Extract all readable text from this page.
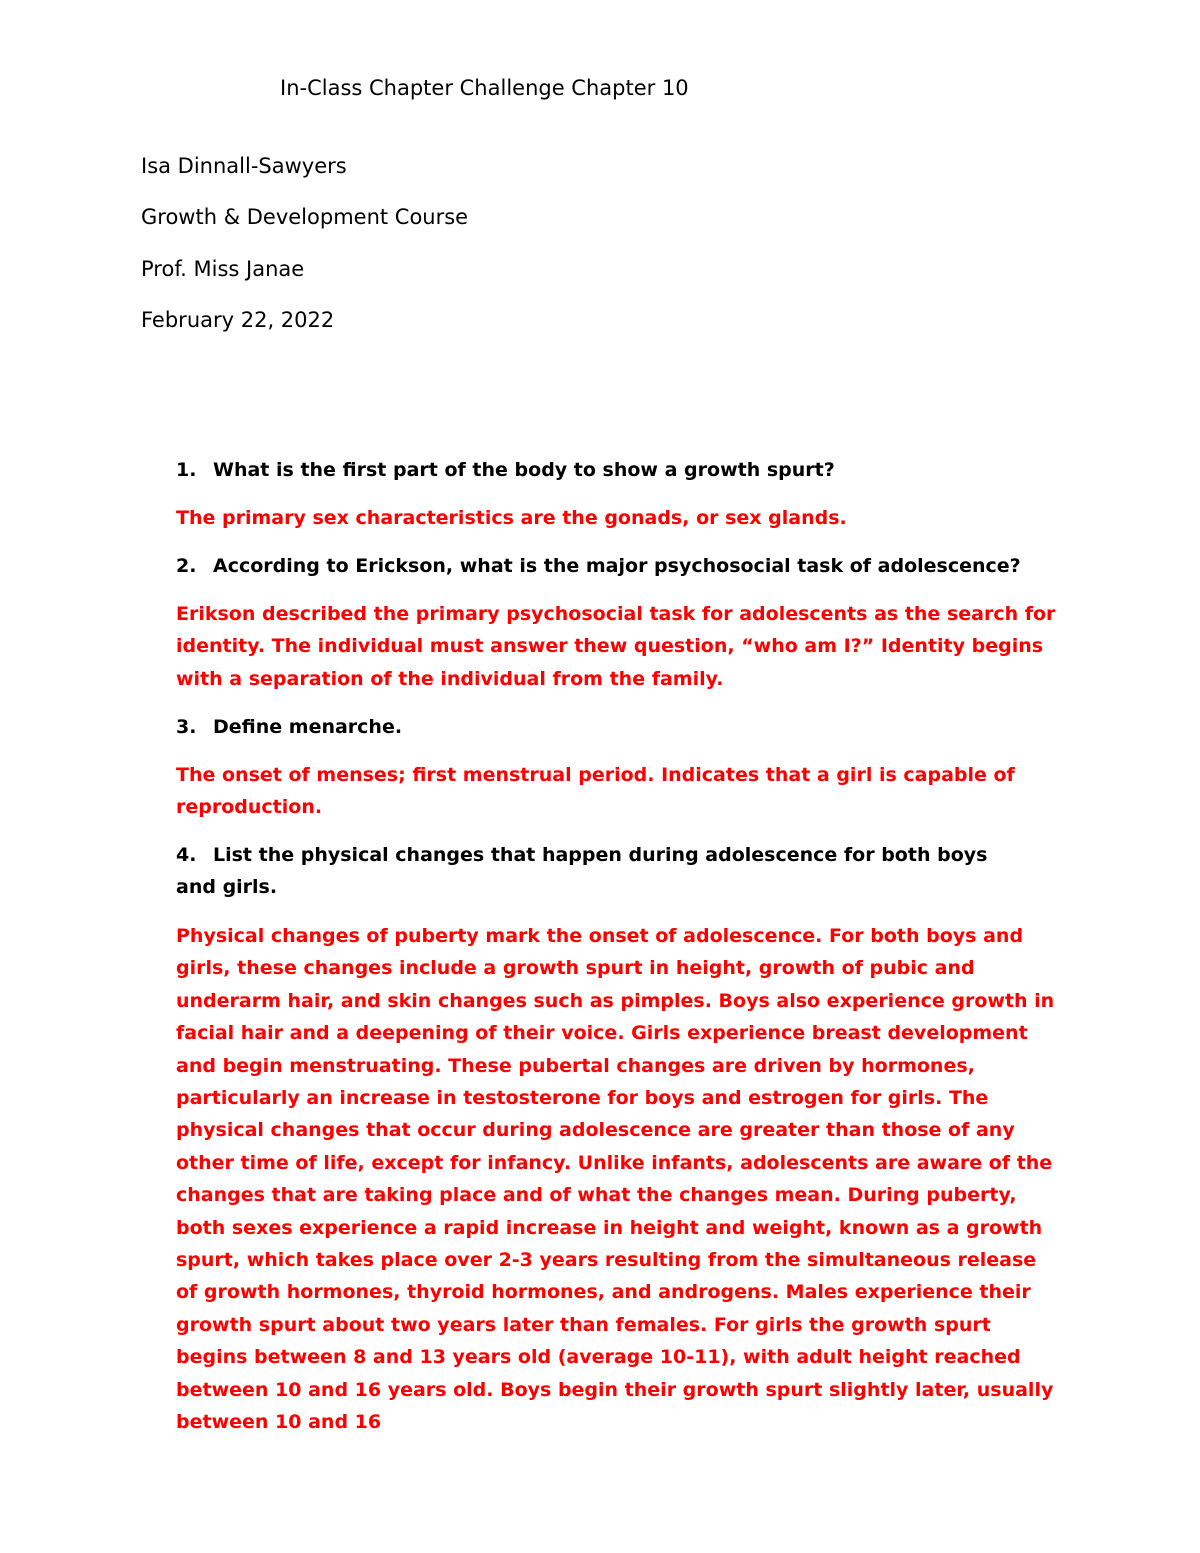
In-Class Chapter Challenge Chapter 10

Isa Dinnall-Sawyers

Growth & Development Course

Prof. Miss Janae

February 22, 2022

1. What is the first part of the body to show a growth spurt?

The primary sex characteristics are the gonads, or sex glands.

2. According to Erickson, what is the major psychosocial task of adolescence?

Erikson described the primary psychosocial task for adolescents as the search for identity. The individual must answer thew question, “who am I?” Identity begins with a separation of the individual from the family.

3. Define menarche.

The onset of menses; first menstrual period. Indicates that a girl is capable of reproduction.

4. List the physical changes that happen during adolescence for both boys and girls.

Physical changes of puberty mark the onset of adolescence. For both boys and girls, these changes include a growth spurt in height, growth of pubic and underarm hair, and skin changes such as pimples. Boys also experience growth in facial hair and a deepening of their voice. Girls experience breast development and begin menstruating. These pubertal changes are driven by hormones, particularly an increase in testosterone for boys and estrogen for girls. The physical changes that occur during adolescence are greater than those of any other time of life, except for infancy. Unlike infants, adolescents are aware of the changes that are taking place and of what the changes mean. During puberty, both sexes experience a rapid increase in height and weight, known as a growth spurt, which takes place over 2-3 years resulting from the simultaneous release of growth hormones, thyroid hormones, and androgens. Males experience their growth spurt about two years later than females. For girls the growth spurt begins between 8 and 13 years old (average 10-11), with adult height reached between 10 and 16 years old. Boys begin their growth spurt slightly later, usually between 10 and 16
